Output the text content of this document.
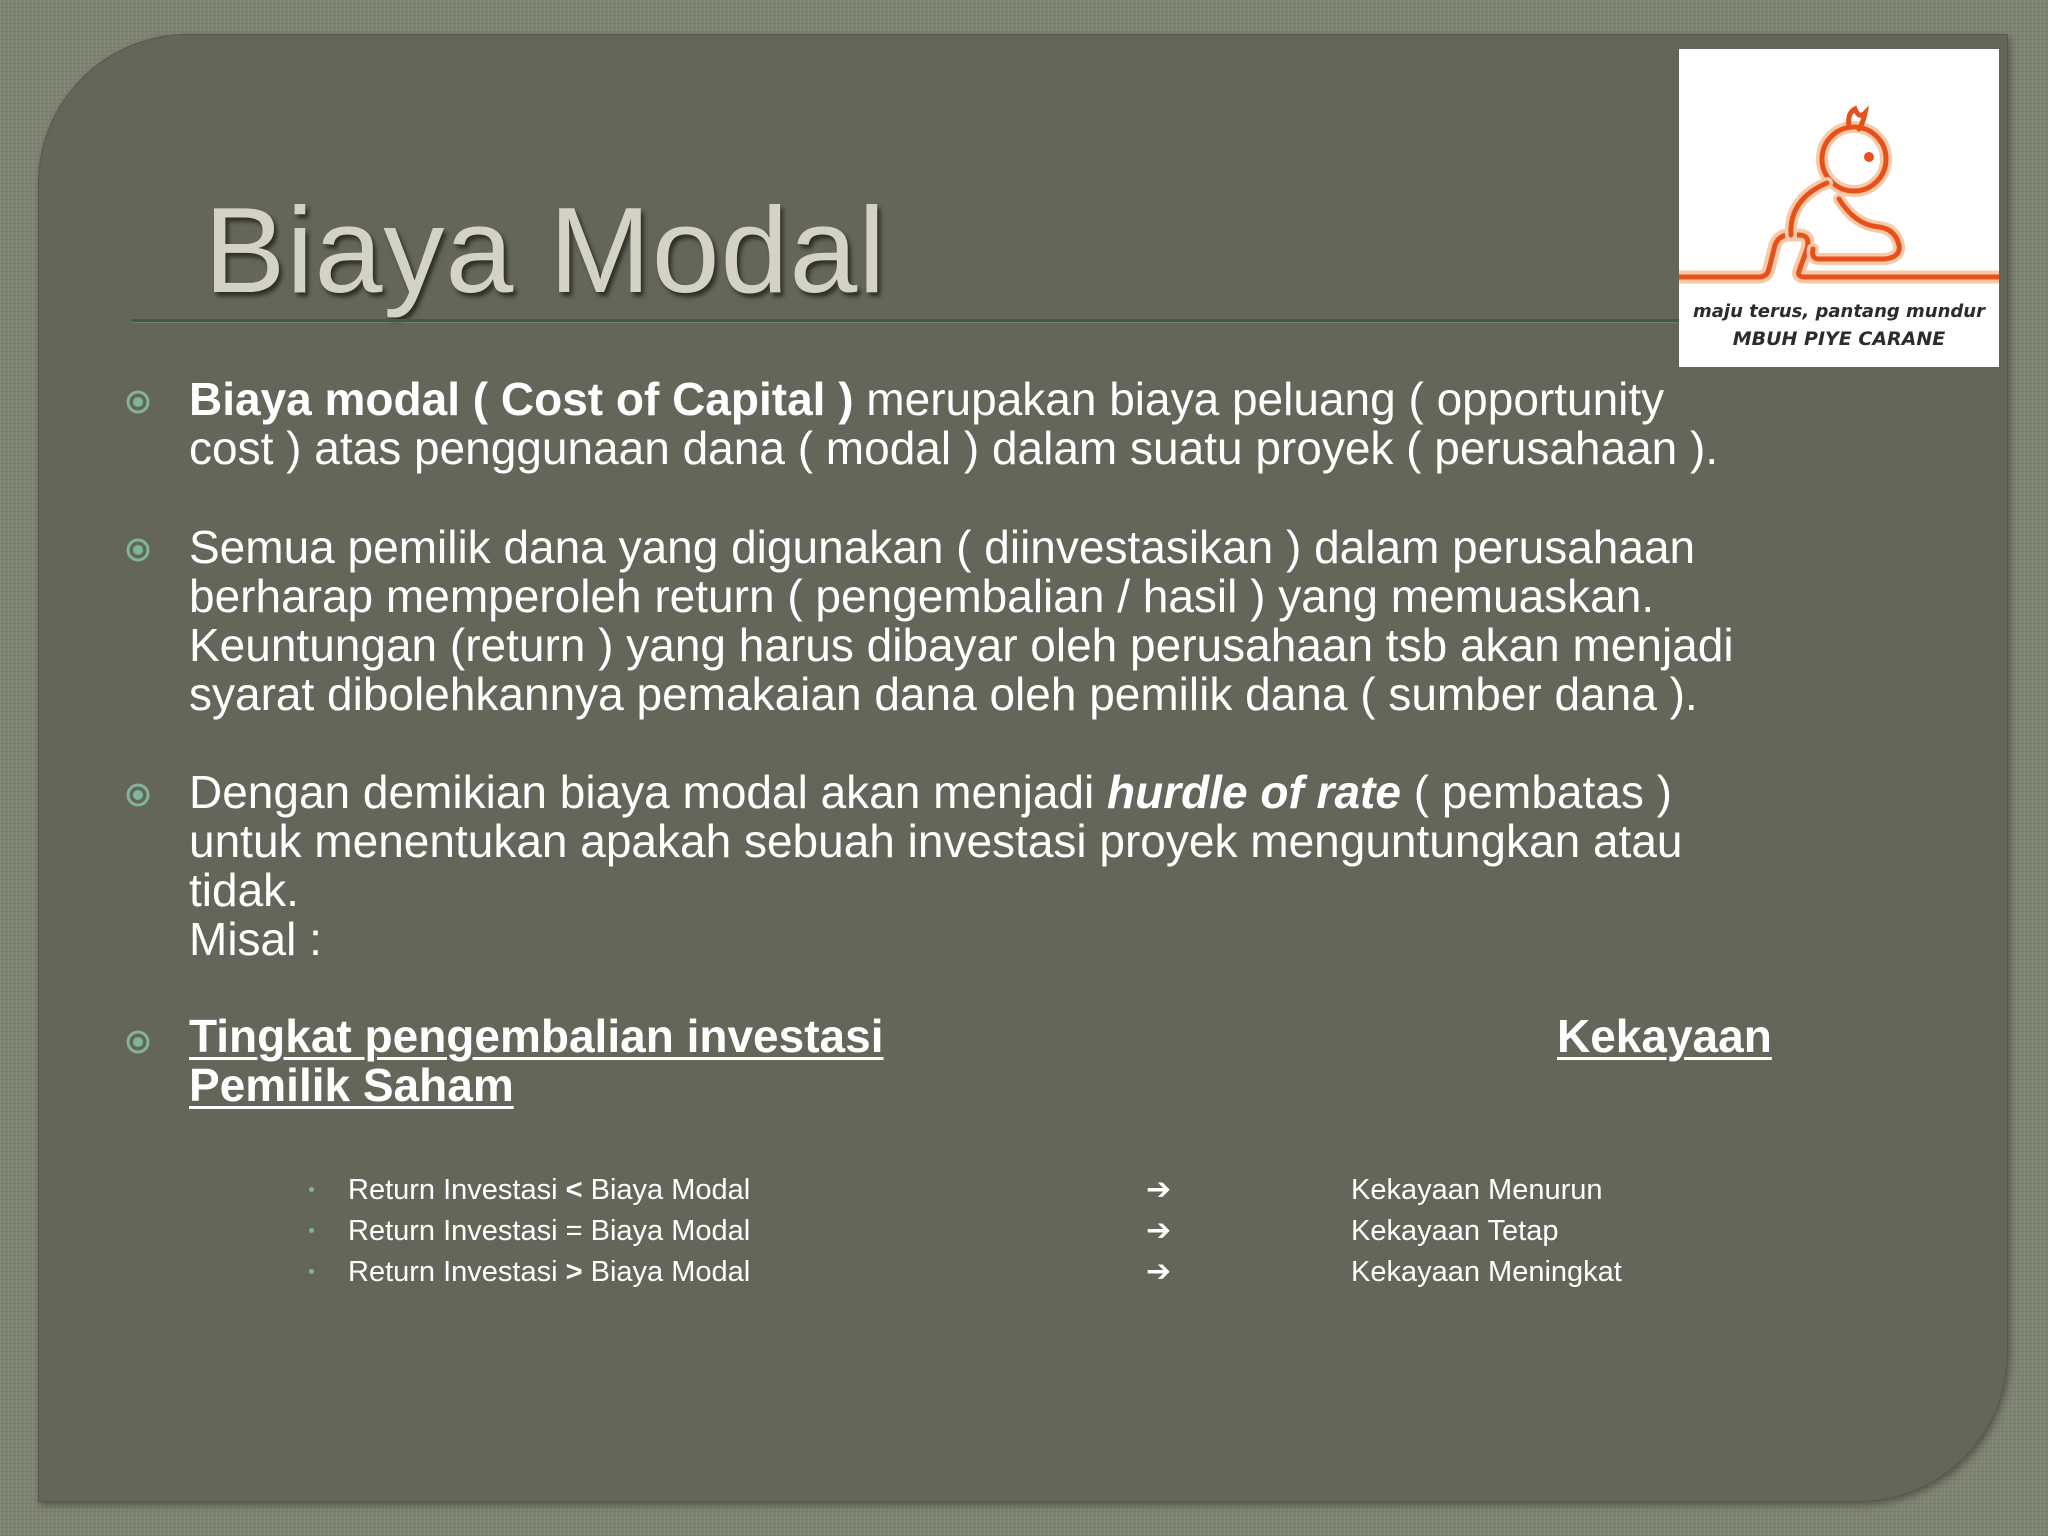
Biaya Modal	maju terus, pantang mundur
MBUH PIYE CARANE
Biaya modal ( Cost of Capital ) merupakan biaya peluang ( opportunity
cost ) atas penggunaan dana ( modal ) dalam suatu proyek ( perusahaan ).
Semua pemilik dana yang digunakan ( diinvestasikan ) dalam perusahaan
berharap memperoleh return ( pengembalian / hasil ) yang memuaskan.
Keuntungan (return ) yang harus dibayar oleh perusahaan tsb akan menjadi
syarat dibolehkannya pemakaian dana oleh pemilik dana ( sumber dana ).
Dengan demikian biaya modal akan menjadi hurdle of rate ( pembatas )
untuk menentukan apakah sebuah investasi proyek menguntungkan atau
tidak.
Misal :
Tingkat pengembalian investasi	Kekayaan
Pemilik Saham
Return Investasi < Biaya Modal	➔	Kekayaan Menurun
Return Investasi = Biaya Modal	➔	Kekayaan Tetap
Return Investasi > Biaya Modal	➔	Kekayaan Meningkat
